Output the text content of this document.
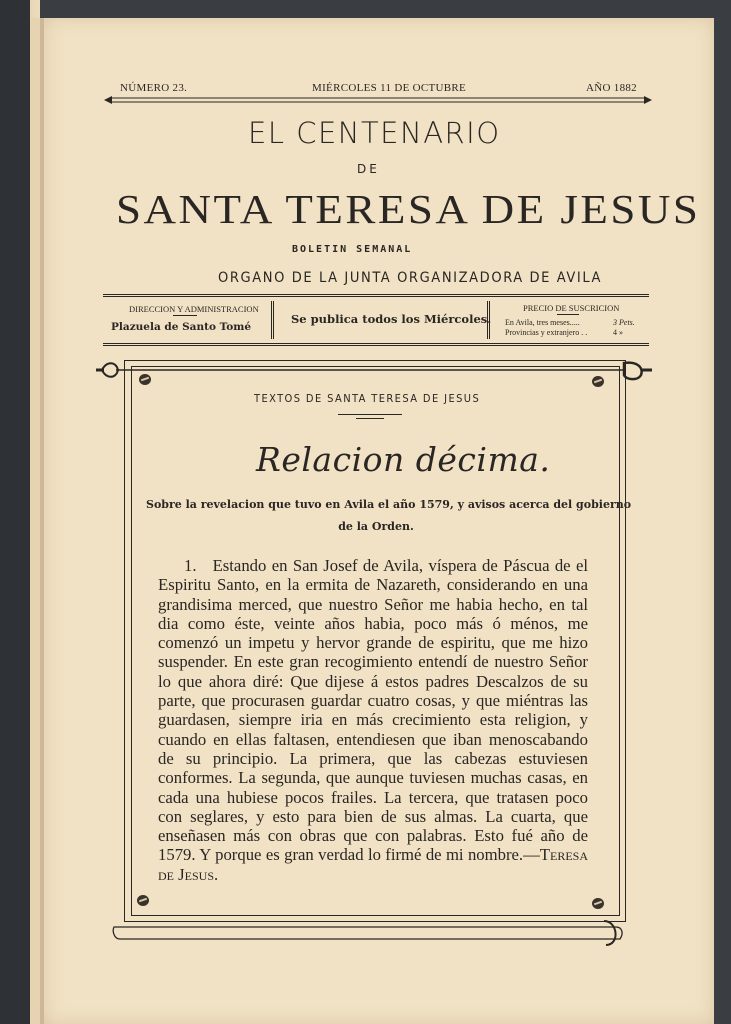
NÚMERO 23.	MIÉRCOLES 11 DE OCTUBRE	AÑO 1882
EL CENTENARIO
DE
SANTA TERESA DE JESUS
BOLETIN SEMANAL
ORGANO DE LA JUNTA ORGANIZADORA DE AVILA
DIRECCION Y ADMINISTRACION
Plazuela de Santo Tomé
Se publica todos los Miércoles.
PRECIO DE SUSCRICION
En Avila, tres meses.....	3 Pets.
Provincias y extranjero . .	4 »
TEXTOS DE SANTA TERESA DE JESUS
Relacion décima.
Sobre la revelacion que tuvo en Avila el año 1579, y avisos acerca del gobierno
de la Orden.
1. Estando en San Josef de Avila, víspera de Páscua de el Espiritu Santo, en la ermita de Nazareth, considerando en una grandisima merced, que nuestro Señor me habia hecho, en tal dia como éste, veinte años habia, poco más ó ménos, me comenzó un impetu y hervor grande de espiritu, que me hizo suspender. En este gran recogimiento entendí de nuestro Señor lo que ahora diré: Que dijese á estos padres Descalzos de su parte, que procurasen guardar cuatro cosas, y que miéntras las guardasen, siempre iria en más crecimiento esta religion, y cuando en ellas faltasen, entendiesen que iban menoscabando de su principio. La primera, que las cabezas estuviesen conformes. La segunda, que aunque tuviesen muchas casas, en cada una hubiese pocos frailes. La tercera, que tratasen poco con seglares, y esto para bien de sus almas. La cuarta, que enseñasen más con obras que con palabras. Esto fué año de 1579. Y porque es gran verdad lo firmé de mi nombre.—Teresa de Jesus.
